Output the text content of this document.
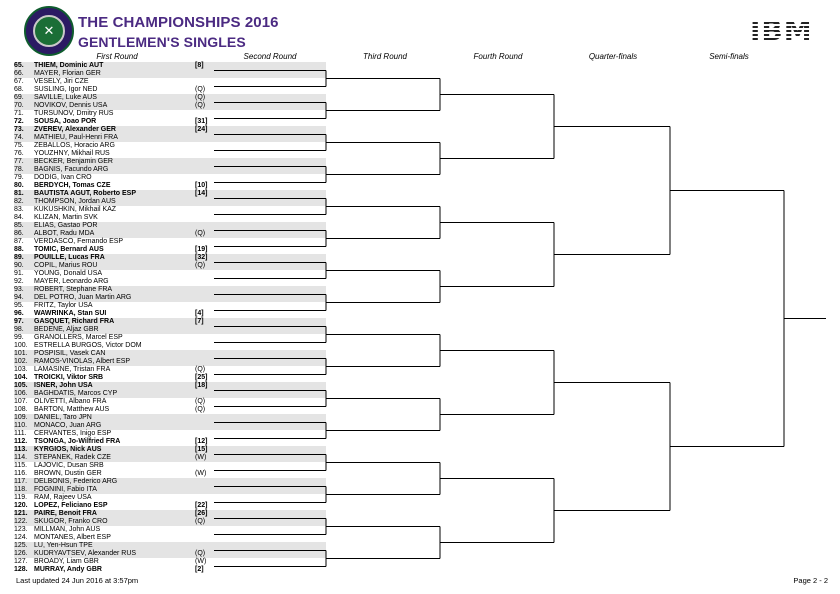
✕	THE CHAMPIONSHIPS 2016
GENTLEMEN'S SINGLES	IBM
First Round	Second Round	Third Round	Fourth Round	Quarter-finals	Semi-finals
65.	THIEM, Dominic AUT	[8]
66.	MAYER, Florian GER
67.	VESELY, Jiri CZE
68.	SUSLING, Igor NED	(Q)
69.	SAVILLE, Luke AUS	(Q)
70.	NOVIKOV, Dennis USA	(Q)
71.	TURSUNOV, Dmitry RUS
72.	SOUSA, Joao POR	[31]
73.	ZVEREV, Alexander GER	[24]
74.	MATHIEU, Paul-Henri FRA
75.	ZEBALLOS, Horacio ARG
76.	YOUZHNY, Mikhail RUS
77.	BECKER, Benjamin GER
78.	BAGNIS, Facundo ARG
79.	DODIG, Ivan CRO
80.	BERDYCH, Tomas CZE	[10]
81.	BAUTISTA AGUT, Roberto ESP	[14]
82.	THOMPSON, Jordan AUS
83.	KUKUSHKIN, Mikhail KAZ
84.	KLIZAN, Martin SVK
85.	ELIAS, Gastao POR
86.	ALBOT, Radu MDA	(Q)
87.	VERDASCO, Fernando ESP
88.	TOMIC, Bernard AUS	[19]
89.	POUILLE, Lucas FRA	[32]
90.	COPIL, Marius ROU	(Q)
91.	YOUNG, Donald USA
92.	MAYER, Leonardo ARG
93.	ROBERT, Stephane FRA
94.	DEL POTRO, Juan Martin ARG
95.	FRITZ, Taylor USA
96.	WAWRINKA, Stan SUI	[4]
97.	GASQUET, Richard FRA	[7]
98.	BEDENE, Aljaz GBR
99.	GRANOLLERS, Marcel ESP
100. ESTRELLA BURGOS, Victor DOM
101. POSPISIL, Vasek CAN
102. RAMOS-VINOLAS, Albert ESP
103. LAMASINE, Tristan FRA	(Q)
104. TROICKI, Viktor SRB	[25]
105. ISNER, John USA	[18]
106. BAGHDATIS, Marcos CYP
107. OLIVETTI, Albano FRA	(Q)
108. BARTON, Matthew AUS	(Q)
109. DANIEL, Taro JPN
110. MONACO, Juan ARG
111.	CERVANTES, Inigo ESP
112. TSONGA, Jo-Wilfried FRA	[12]
113. KYRGIOS, Nick AUS	[15]
114. STEPANEK, Radek CZE	(W)
115. LAJOVIC, Dusan SRB
116. BROWN, Dustin GER	(W)
117. DELBONIS, Federico ARG
118. FOGNINI, Fabio ITA
119. RAM, Rajeev USA
120. LOPEZ, Feliciano ESP	[22]
121. PAIRE, Benoit FRA	[26]
122. SKUGOR, Franko CRO	(Q)
123. MILLMAN, John AUS
124. MONTANES, Albert ESP
125. LU, Yen-Hsun TPE
126. KUDRYAVTSEV, Alexander RUS	(Q)
127. BROADY, Liam GBR	(W)
128. MURRAY, Andy GBR	[2]
Last updated 24 Jun 2016 at 3:57pm	Page 2 - 2
